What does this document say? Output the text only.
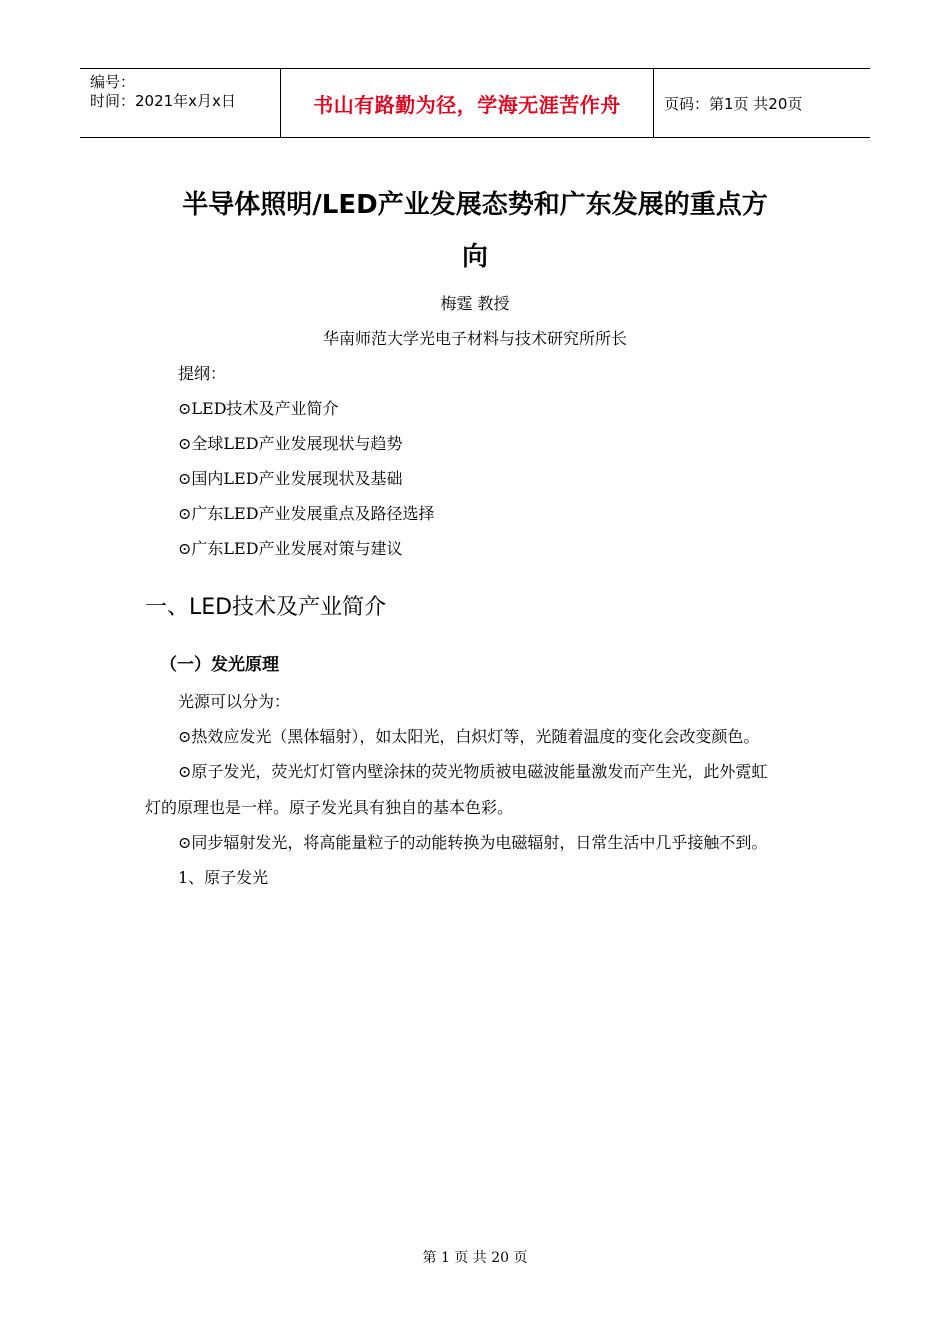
编号：
时间：2021年x月x日	书山有路勤为径，学海无涯苦作舟	页码：第1页 共20页
半导体照明/LED产业发展态势和广东发展的重点方
向
梅霆 教授
华南师范大学光电子材料与技术研究所所长
提纲：
⊙LED技术及产业简介
⊙全球LED产业发展现状与趋势
⊙国内LED产业发展现状及基础
⊙广东LED产业发展重点及路径选择
⊙广东LED产业发展对策与建议
一、LED技术及产业简介
（一）发光原理
光源可以分为：
⊙热效应发光（黑体辐射），如太阳光，白炽灯等，光随着温度的变化会改变颜色。
⊙原子发光，荧光灯灯管内壁涂抹的荧光物质被电磁波能量激发而产生光，此外霓虹
灯的原理也是一样。原子发光具有独自的基本色彩。
⊙同步辐射发光，将高能量粒子的动能转换为电磁辐射，日常生活中几乎接触不到。
1、原子发光
第 1 页 共 20 页
